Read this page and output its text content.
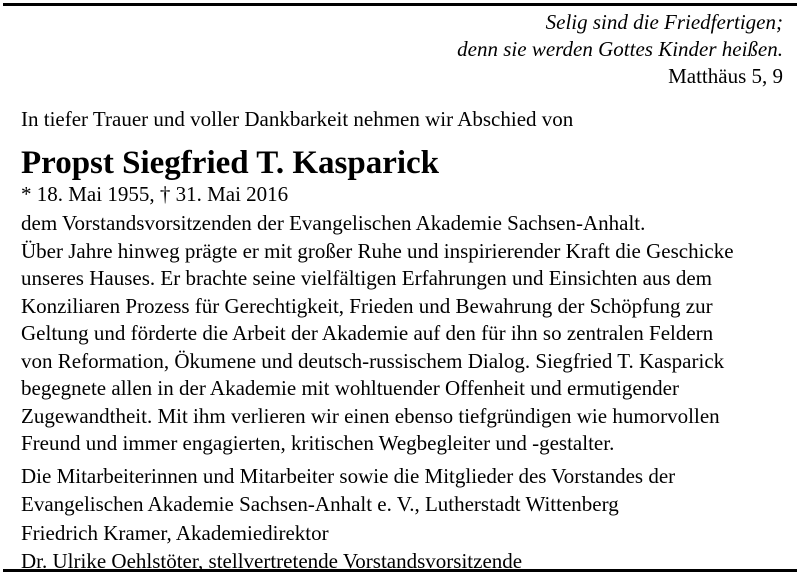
Selig sind die Friedfertigen;
denn sie werden Gottes Kinder heißen.
Matthäus 5, 9
In tiefer Trauer und voller Dankbarkeit nehmen wir Abschied von
Propst Siegfried T. Kasparick
* 18. Mai 1955, † 31. Mai 2016
dem Vorstandsvorsitzenden der Evangelischen Akademie Sachsen-Anhalt.
Über Jahre hinweg prägte er mit großer Ruhe und inspirierender Kraft die Geschicke
unseres Hauses. Er brachte seine vielfältigen Erfahrungen und Einsichten aus dem
Konziliaren Prozess für Gerechtigkeit, Frieden und Bewahrung der Schöpfung zur
Geltung und förderte die Arbeit der Akademie auf den für ihn so zentralen Feldern
von Reformation, Ökumene und deutsch-russischem Dialog. Siegfried T. Kasparick
begegnete allen in der Akademie mit wohltuender Offenheit und ermutigender
Zugewandtheit. Mit ihm verlieren wir einen ebenso tiefgründigen wie humorvollen
Freund und immer engagierten, kritischen Wegbegleiter und -gestalter.
Die Mitarbeiterinnen und Mitarbeiter sowie die Mitglieder des Vorstandes der
Evangelischen Akademie Sachsen-Anhalt e. V., Lutherstadt Wittenberg
Friedrich Kramer, Akademiedirektor
Dr. Ulrike Oehlstöter, stellvertretende Vorstandsvorsitzende
